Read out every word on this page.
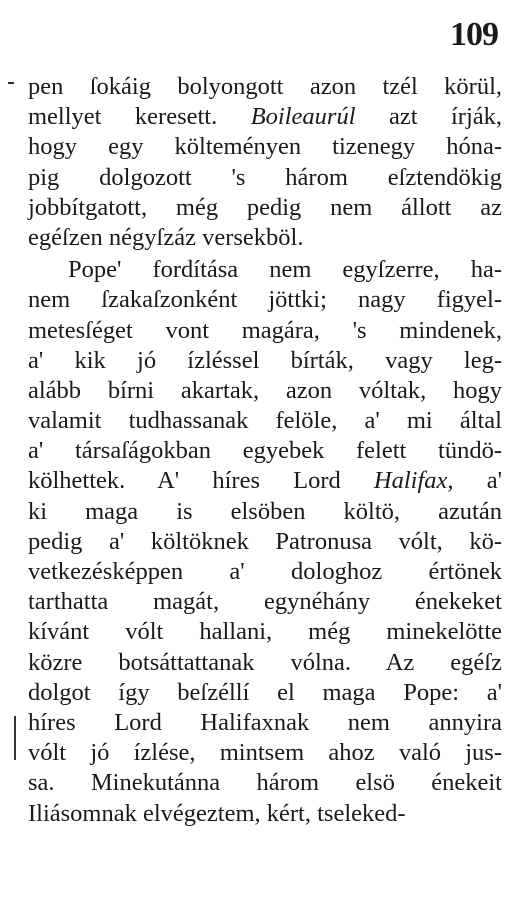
109
pen ſokáig bolyongott azon tzél körül,
mellyet keresett. Boileaurúl azt írják,
hogy egy költeményen tizenegy hóna-
pig dolgozott 's három eſztendökig
jobbítgatott, még pedig nem állott az
egéſzen négyſzáz versekböl.
Pope' fordítása nem egyſzerre, ha-
nem ſzakaſzonként jöttki; nagy figyel-
metesſéget vont magára, 's mindenek,
a' kik jó ízléssel bírták, vagy leg-
alább bírni akartak, azon vóltak, hogy
valamit tudhassanak felöle, a' mi által
a' társaſágokban egyebek felett tündö-
kölhettek. A' híres Lord Halifax, a'
ki maga is elsöben költö, azután
pedig a' költöknek Patronusa vólt, kö-
vetkezésképpen a' dologhoz értönek
tarthatta magát, egynéhány énekeket
kívánt vólt hallani, még minekelötte
közre botsáttattanak vólna. Az egéſz
dolgot így beſzéllí el maga Pope: a'
híres Lord Halifaxnak nem annyira
vólt jó ízlése, mintsem ahoz való jus-
sa. Minekutánna három elsö énekeit
Iliásomnak elvégeztem, kért, tseleked-
